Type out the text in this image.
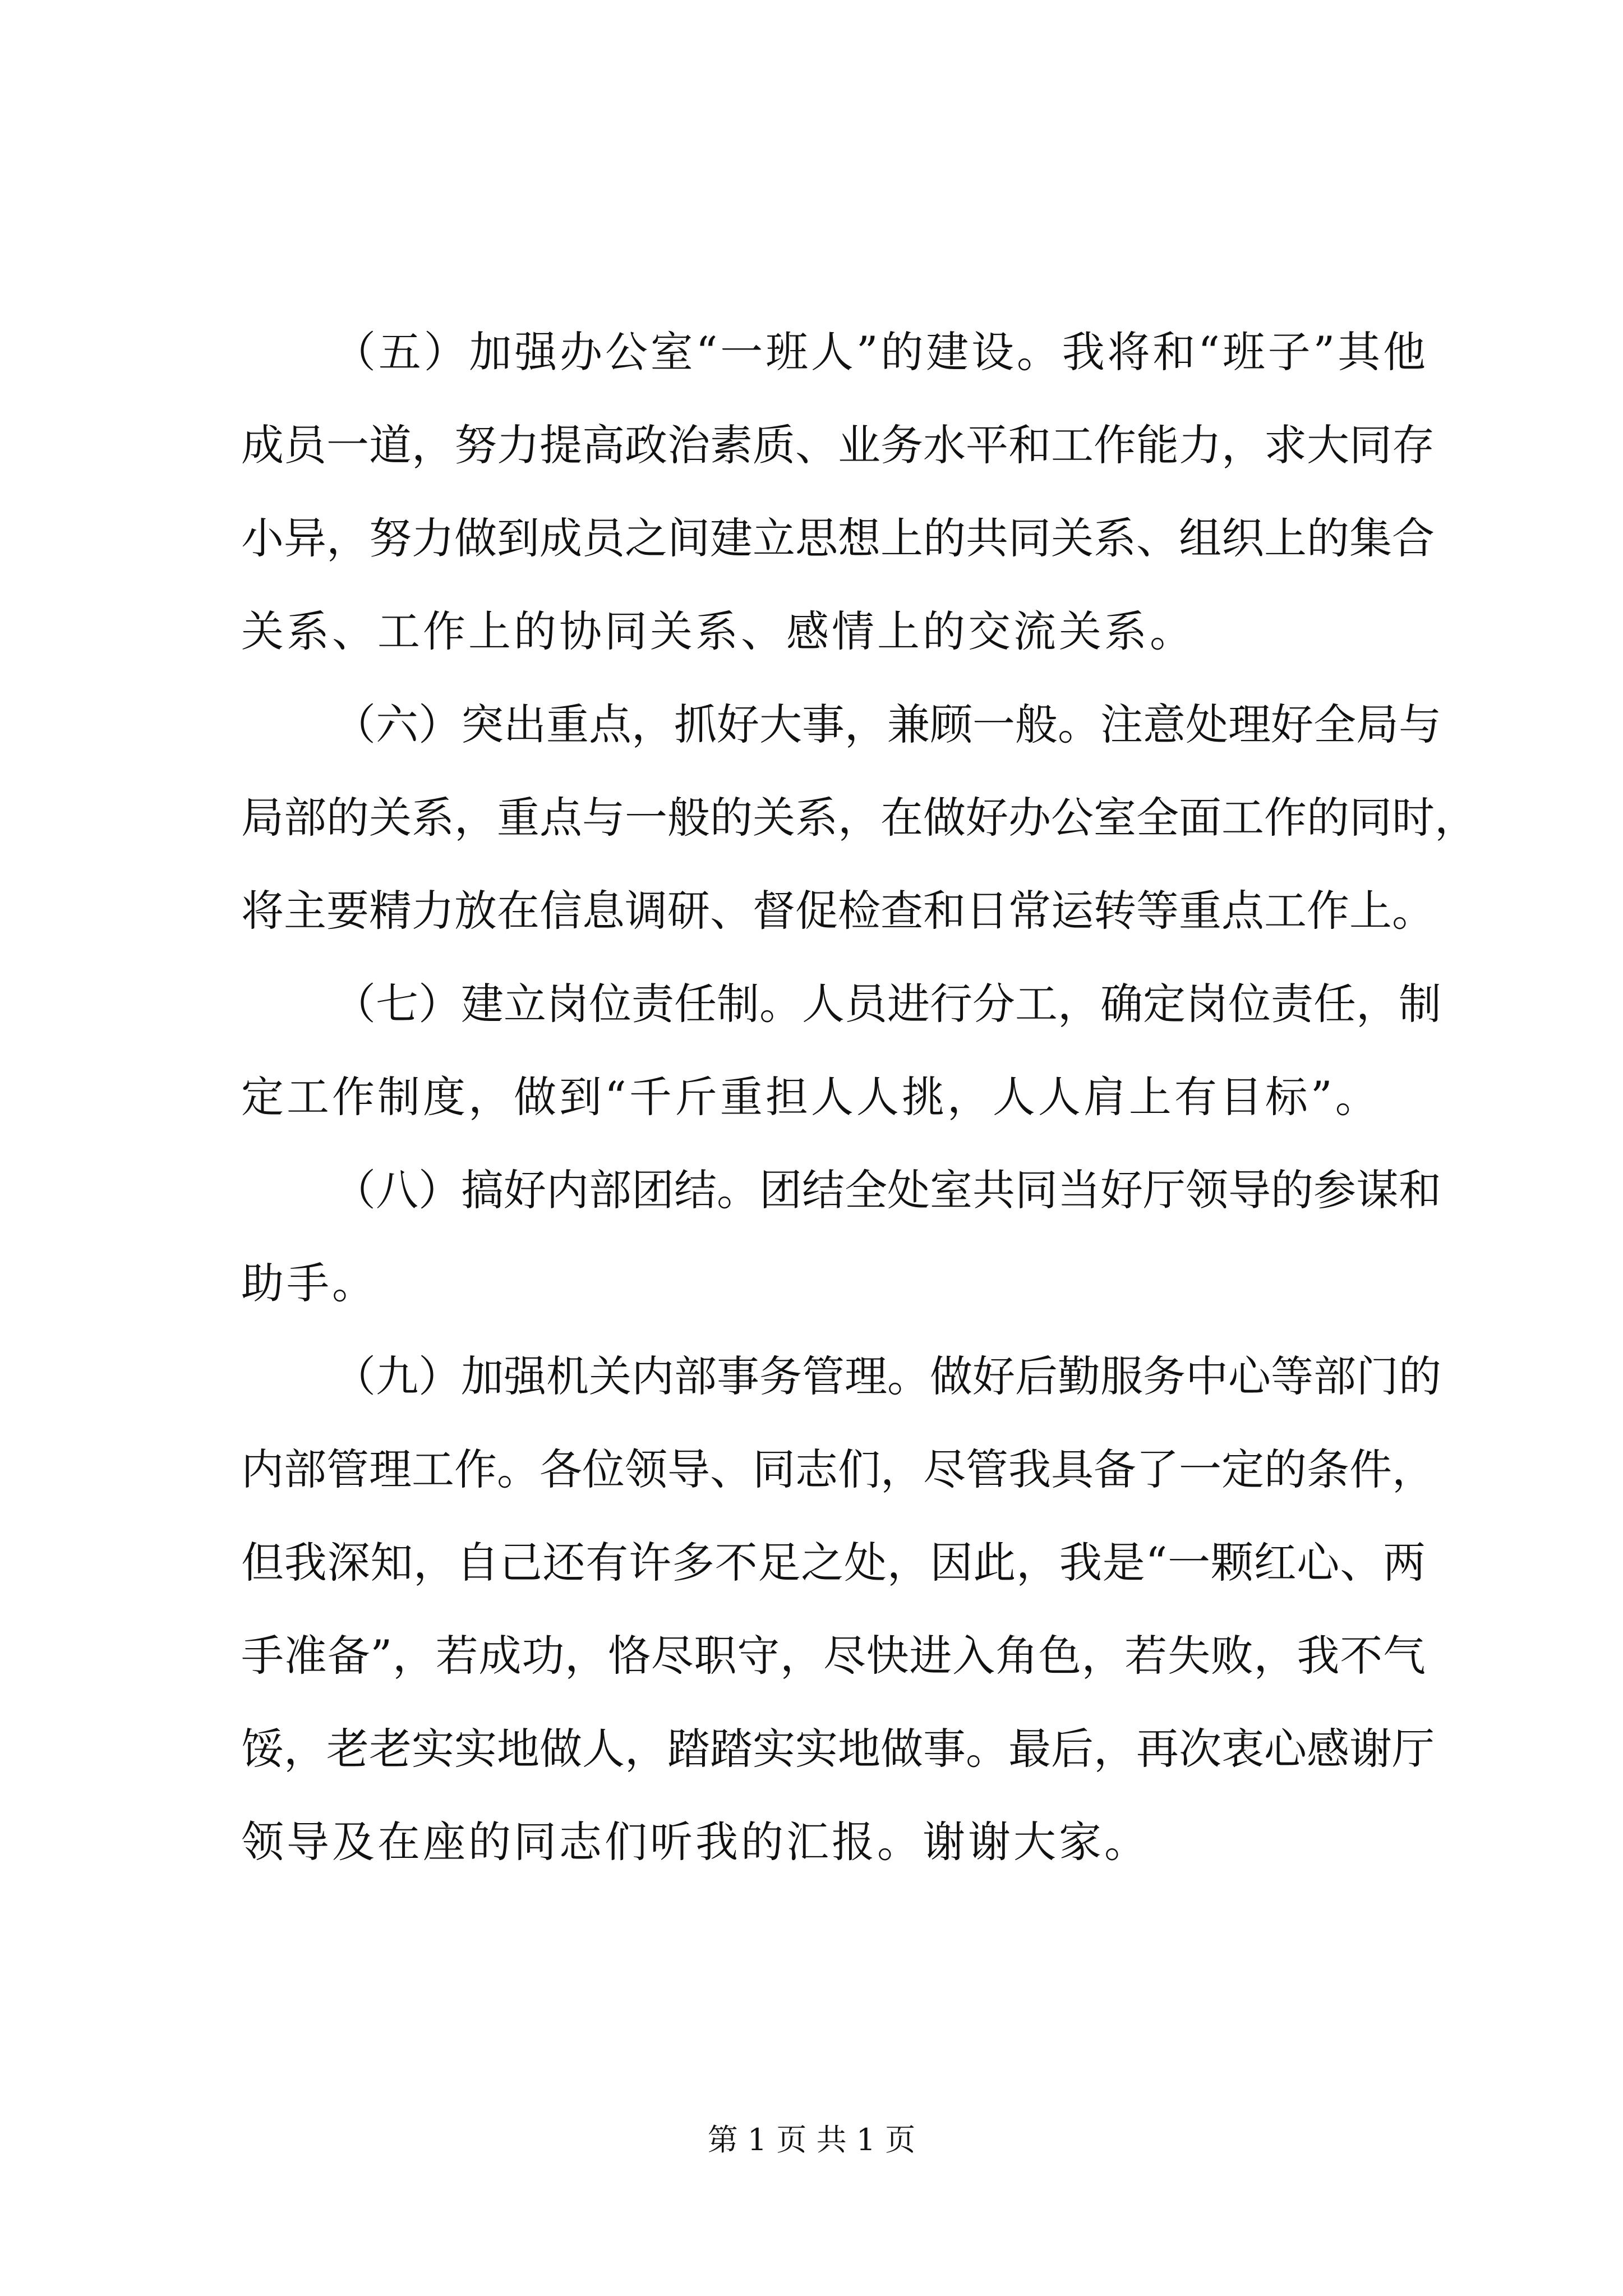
（五）加强办公室“一班人”的建设。我将和“班子”其他
成员一道，努力提高政治素质、业务水平和工作能力，求大同存
小异，努力做到成员之间建立思想上的共同关系、组织上的集合
关系、工作上的协同关系、感情上的交流关系。
（六）突出重点，抓好大事，兼顾一般。注意处理好全局与
局部的关系，重点与一般的关系，在做好办公室全面工作的同时，
将主要精力放在信息调研、督促检查和日常运转等重点工作上。
（七）建立岗位责任制。人员进行分工，确定岗位责任，制
定工作制度，做到“千斤重担人人挑，人人肩上有目标”。
（八）搞好内部团结。团结全处室共同当好厅领导的参谋和
助手。
（九）加强机关内部事务管理。做好后勤服务中心等部门的
内部管理工作。各位领导、同志们，尽管我具备了一定的条件，
但我深知，自己还有许多不足之处，因此，我是“一颗红心、两
手准备”，若成功，恪尽职守，尽快进入角色，若失败，我不气
馁，老老实实地做人，踏踏实实地做事。最后，再次衷心感谢厅
领导及在座的同志们听我的汇报。谢谢大家。
第 1 页 共 1 页
